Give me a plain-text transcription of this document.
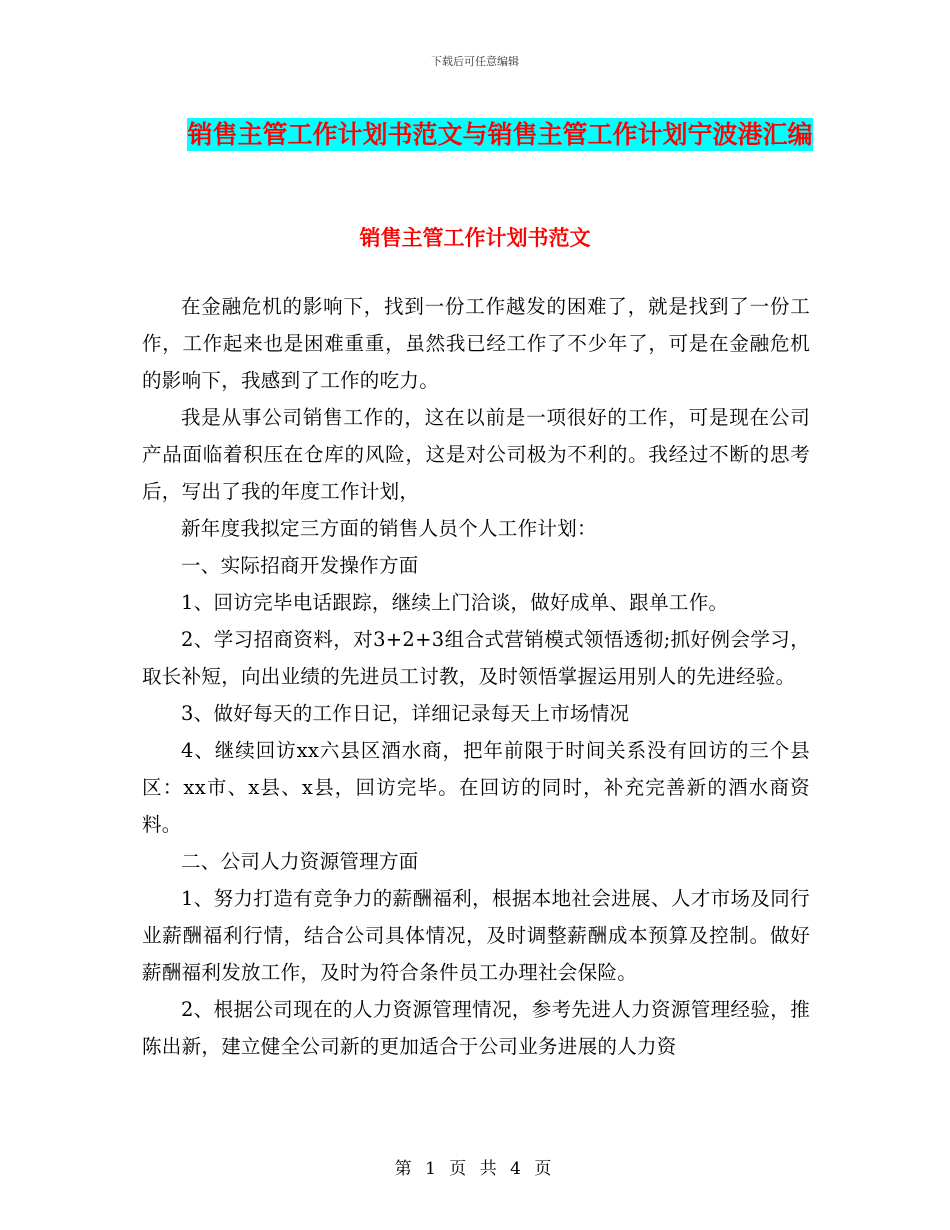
下载后可任意编辑
销售主管工作计划书范文与销售主管工作计划宁波港汇编
销售主管工作计划书范文

在金融危机的影响下，找到一份工作越发的困难了，就是找到了一份工作，工作起来也是困难重重，虽然我已经工作了不少年了，可是在金融危机的影响下，我感到了工作的吃力。

我是从事公司销售工作的，这在以前是一项很好的工作，可是现在公司产品面临着积压在仓库的风险，这是对公司极为不利的。我经过不断的思考后，写出了我的年度工作计划，

新年度我拟定三方面的销售人员个人工作计划：

一、实际招商开发操作方面

1、回访完毕电话跟踪，继续上门洽谈，做好成单、跟单工作。

2、学习招商资料，对3+2+3组合式营销模式领悟透彻;抓好例会学习，取长补短，向出业绩的先进员工讨教，及时领悟掌握运用别人的先进经验。

3、做好每天的工作日记，详细记录每天上市场情况

4、继续回访xx六县区酒水商，把年前限于时间关系没有回访的三个县区：xx市、x县、x县，回访完毕。在回访的同时，补充完善新的酒水商资料。

二、公司人力资源管理方面

1、努力打造有竞争力的薪酬福利，根据本地社会进展、人才市场及同行业薪酬福利行情，结合公司具体情况，及时调整薪酬成本预算及控制。做好薪酬福利发放工作，及时为符合条件员工办理社会保险。

2、根据公司现在的人力资源管理情况，参考先进人力资源管理经验，推陈出新，建立健全公司新的更加适合于公司业务进展的人力资

第 1 页 共 4 页
